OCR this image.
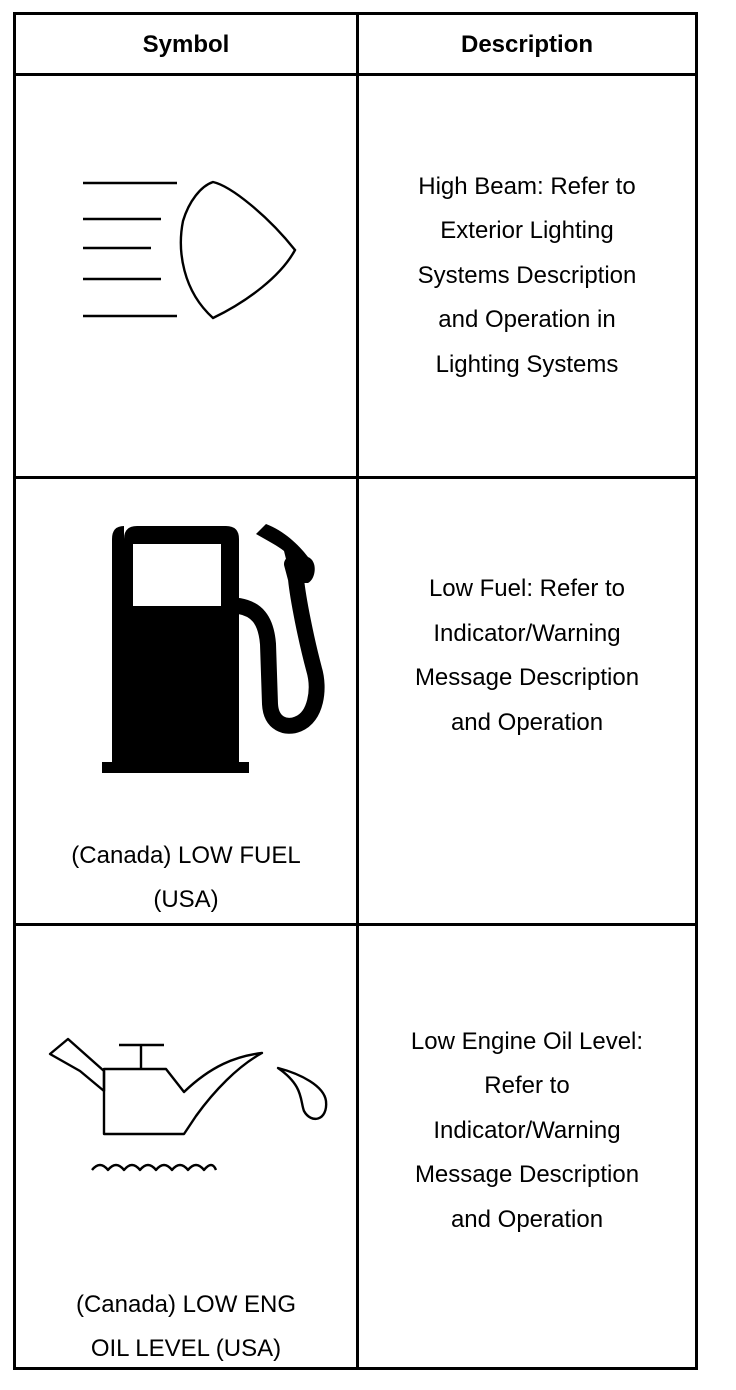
Symbol	Description
High Beam: Refer to
Exterior Lighting
Systems Description
and Operation in
Lighting Systems
(Canada) LOW FUEL
(USA)
Low Fuel: Refer to
Indicator/Warning
Message Description
and Operation
(Canada) LOW ENG
OIL LEVEL (USA)
Low Engine Oil Level:
Refer to
Indicator/Warning
Message Description
and Operation
